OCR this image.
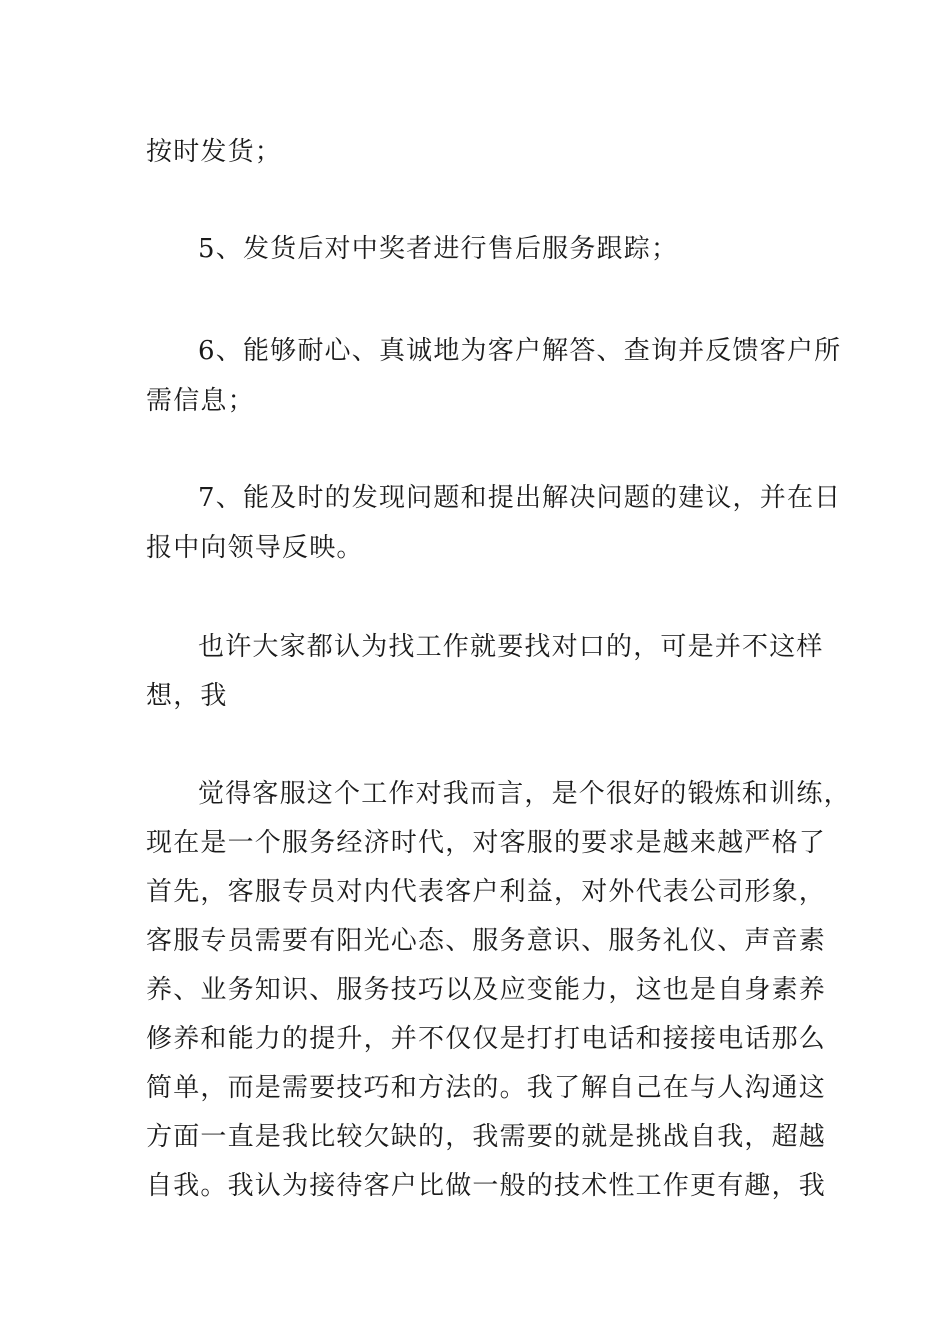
按时发货；
5、发货后对中奖者进行售后服务跟踪；
6、能够耐心、真诚地为客户解答、查询并反馈客户所
需信息；
7、能及时的发现问题和提出解决问题的建议，并在日
报中向领导反映。
也许大家都认为找工作就要找对口的，可是并不这样
想，我
觉得客服这个工作对我而言，是个很好的锻炼和训练，
现在是一个服务经济时代，对客服的要求是越来越严格了
首先，客服专员对内代表客户利益，对外代表公司形象，
客服专员需要有阳光心态、服务意识、服务礼仪、声音素
养、业务知识、服务技巧以及应变能力，这也是自身素养
修养和能力的提升，并不仅仅是打打电话和接接电话那么
简单，而是需要技巧和方法的。我了解自己在与人沟通这
方面一直是我比较欠缺的，我需要的就是挑战自我，超越
自我。我认为接待客户比做一般的技术性工作更有趣，我
